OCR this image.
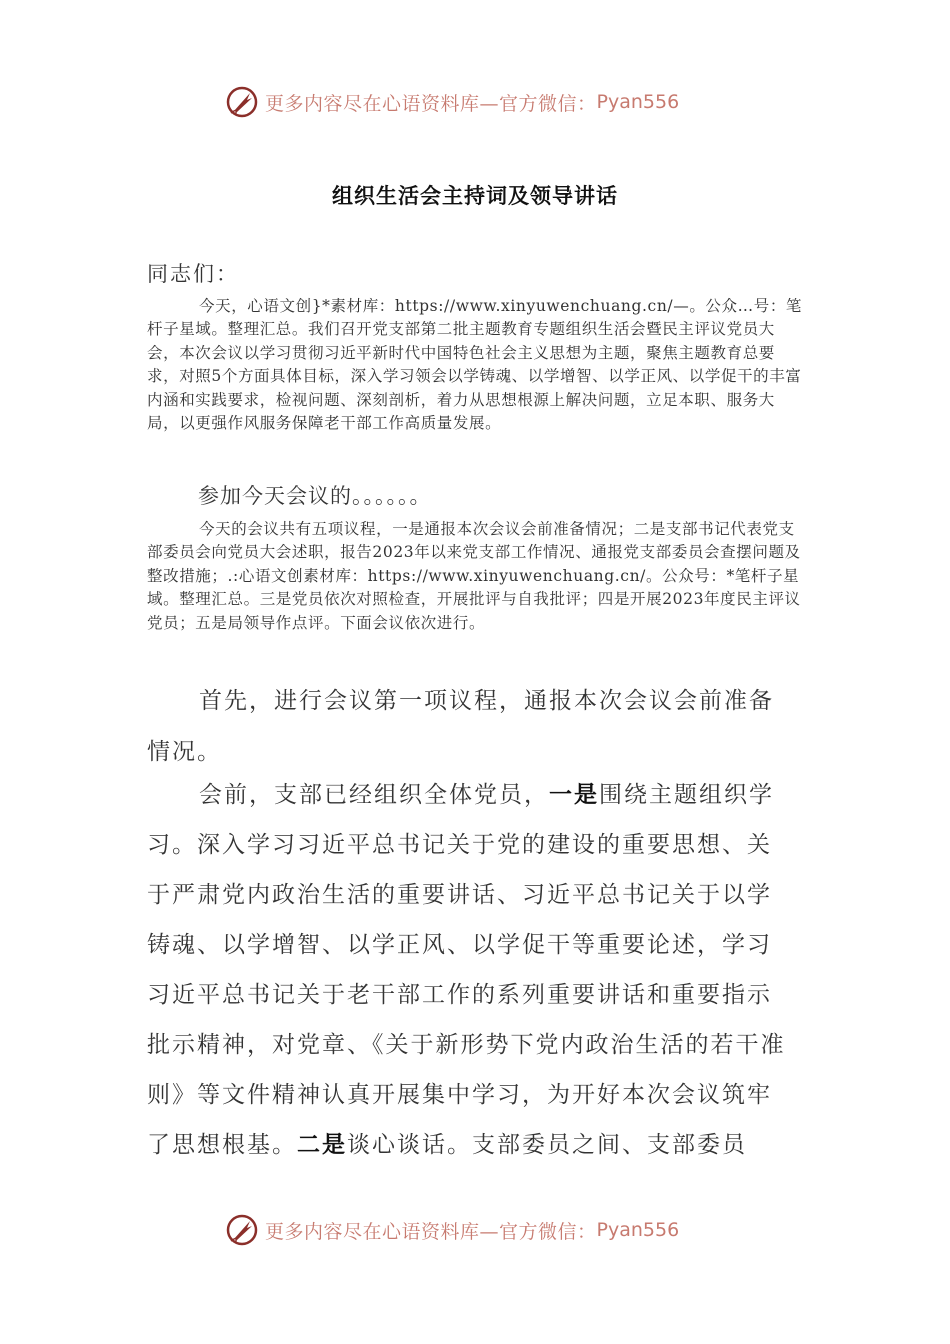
更多内容尽在心语资料库—官方微信： Pyan556
组织生活会主持词及领导讲话
同志们：
今天，心语文创}*素材库：https://www.xinyuwenchuang.cn/—。公众…号：笔杆子星域。整理汇总。我们召开党支部第二批主题教育专题组织生活会暨民主评议党员大会，本次会议以学习贯彻习近平新时代中国特色社会主义思想为主题，聚焦主题教育总要求，对照5个方面具体目标，深入学习领会以学铸魂、以学增智、以学正风、以学促干的丰富内涵和实践要求，检视问题、深刻剖析，着力从思想根源上解决问题，立足本职、服务大局，以更强作风服务保障老干部工作高质量发展。
参加今天会议的。。。。。。
今天的会议共有五项议程，一是通报本次会议会前准备情况；二是支部书记代表党支部委员会向党员大会述职，报告2023年以来党支部工作情况、通报党支部委员会查摆问题及整改措施；.:心语文创素材库：https://www.xinyuwenchuang.cn/。公众号：*笔杆子星域。整理汇总。三是党员依次对照检查，开展批评与自我批评；四是开展2023年度民主评议党员；五是局领导作点评。下面会议依次进行。
首先，进行会议第一项议程，通报本次会议会前准备情况。
会前，支部已经组织全体党员，一是围绕主题组织学习。深入学习习近平总书记关于党的建设的重要思想、关于严肃党内政治生活的重要讲话、习近平总书记关于以学铸魂、以学增智、以学正风、以学促干等重要论述，学习习近平总书记关于老干部工作的系列重要讲话和重要指示批示精神，对党章、《关于新形势下党内政治生活的若干准则》等文件精神认真开展集中学习，为开好本次会议筑牢了思想根基。二是谈心谈话。支部委员之间、支部委员
更多内容尽在心语资料库—官方微信： Pyan556
